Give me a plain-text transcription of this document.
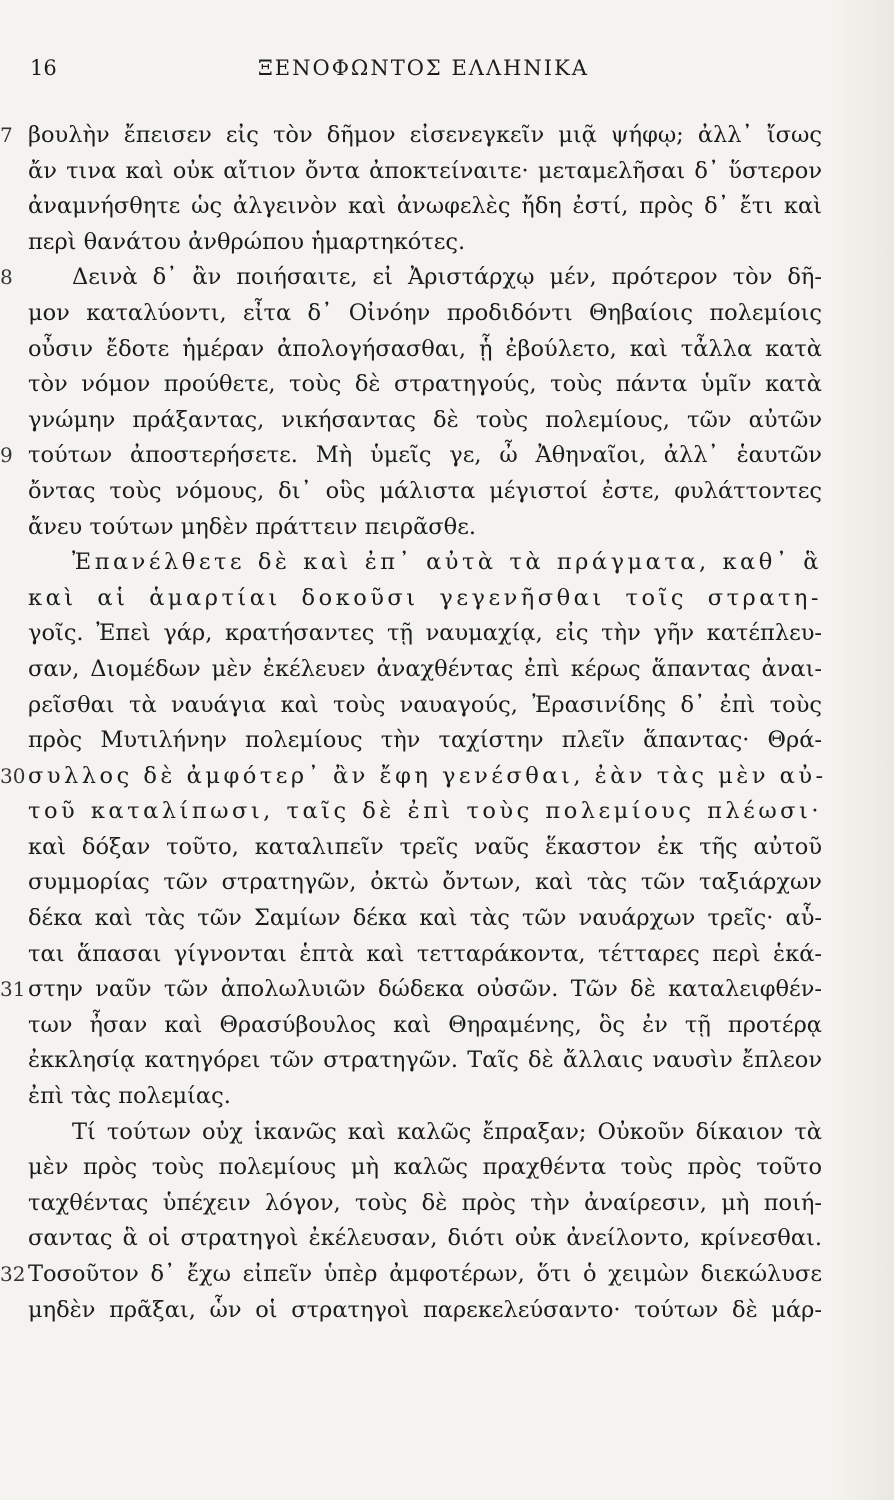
16	ΞΕΝΟΦΩΝΤΟΣ ΕΛΛΗΝΙΚΑ
7 βουλὴν ἔπεισεν εἰς τὸν δῆμον εἰσενεγκεῖν μιᾷ ψήφῳ; ἀλλ᾽ ἴσως
ἄν τινα καὶ οὐκ αἴτιον ὄντα ἀποκτείναιτε· μεταμελῆσαι δ᾽ ὕστερον
ἀναμνήσθητε ὡς ἀλγεινὸν καὶ ἀνωφελὲς ἤδη ἐστί, πρὸς δ᾽ ἔτι καὶ
περὶ θανάτου ἀνθρώπου ἡμαρτηκότες.
8	Δεινὰ δ᾽ ἂν ποιήσαιτε, εἰ Ἀριστάρχῳ μέν, πρότερον τὸν δῆ-
μον καταλύοντι, εἶτα δ᾽ Οἰνόην προδιδόντι Θηβαίοις πολεμίοις
οὖσιν ἔδοτε ἡμέραν ἀπολογήσασθαι, ᾗ ἐβούλετο, καὶ τἆλλα κατὰ
τὸν νόμον προύθετε, τοὺς δὲ στρατηγούς, τοὺς πάντα ὑμῖν κατὰ
γνώμην πράξαντας, νικήσαντας δὲ τοὺς πολεμίους, τῶν αὐτῶν
9 τούτων ἀποστερήσετε. Μὴ ὑμεῖς γε, ὦ Ἀθηναῖοι, ἀλλ᾽ ἑαυτῶν
ὄντας τοὺς νόμους, δι᾽ οὓς μάλιστα μέγιστοί ἐστε, φυλάττοντες
ἄνευ τούτων μηδὲν πράττειν πειρᾶσθε.
Ἐπανέλθετε δὲ καὶ ἐπ᾽ αὐτὰ τὰ πράγματα, καθ᾽ ἃ
καὶ αἱ ἁμαρτίαι δοκοῦσι γεγενῆσθαι τοῖς στρατη-
γοῖς. Ἐπεὶ γάρ, κρατήσαντες τῇ ναυμαχίᾳ, εἰς τὴν γῆν κατέπλευ-
σαν, Διομέδων μὲν ἐκέλευεν ἀναχθέντας ἐπὶ κέρως ἅπαντας ἀναι-
ρεῖσθαι τὰ ναυάγια καὶ τοὺς ναυαγούς, Ἐρασινίδης δ᾽ ἐπὶ τοὺς
πρὸς Μυτιλήνην πολεμίους τὴν ταχίστην πλεῖν ἅπαντας· Θρά-
30 συλλος δὲ ἀμφότερ᾽ ἂν ἔφη γενέσθαι, ἐὰν τὰς μὲν αὐ-
τοῦ καταλίπωσι, ταῖς δὲ ἐπὶ τοὺς πολεμίους πλέωσι·
καὶ δόξαν τοῦτο, καταλιπεῖν τρεῖς ναῦς ἕκαστον ἐκ τῆς αὐτοῦ
συμμορίας τῶν στρατηγῶν, ὀκτὼ ὄντων, καὶ τὰς τῶν ταξιάρχων
δέκα καὶ τὰς τῶν Σαμίων δέκα καὶ τὰς τῶν ναυάρχων τρεῖς· αὗ-
ται ἅπασαι γίγνονται ἑπτὰ καὶ τετταράκοντα, τέτταρες περὶ ἑκά-
31 στην ναῦν τῶν ἀπολωλυιῶν δώδεκα οὐσῶν. Τῶν δὲ καταλειφθέν-
των ἦσαν καὶ Θρασύβουλος καὶ Θηραμένης, ὃς ἐν τῇ προτέρᾳ
ἐκκλησίᾳ κατηγόρει τῶν στρατηγῶν. Ταῖς δὲ ἄλλαις ναυσὶν ἔπλεον
ἐπὶ τὰς πολεμίας.
Τί τούτων οὐχ ἱκανῶς καὶ καλῶς ἔπραξαν; Οὐκοῦν δίκαιον τὰ
μὲν πρὸς τοὺς πολεμίους μὴ καλῶς πραχθέντα τοὺς πρὸς τοῦτο
ταχθέντας ὑπέχειν λόγον, τοὺς δὲ πρὸς τὴν ἀναίρεσιν, μὴ ποιή-
σαντας ἃ οἱ στρατηγοὶ ἐκέλευσαν, διότι οὐκ ἀνείλοντο, κρίνεσθαι.
32 Τοσοῦτον δ᾽ ἔχω εἰπεῖν ὑπὲρ ἀμφοτέρων, ὅτι ὁ χειμὼν διεκώλυσε
μηδὲν πρᾶξαι, ὧν οἱ στρατηγοὶ παρεκελεύσαντο· τούτων δὲ μάρ-
